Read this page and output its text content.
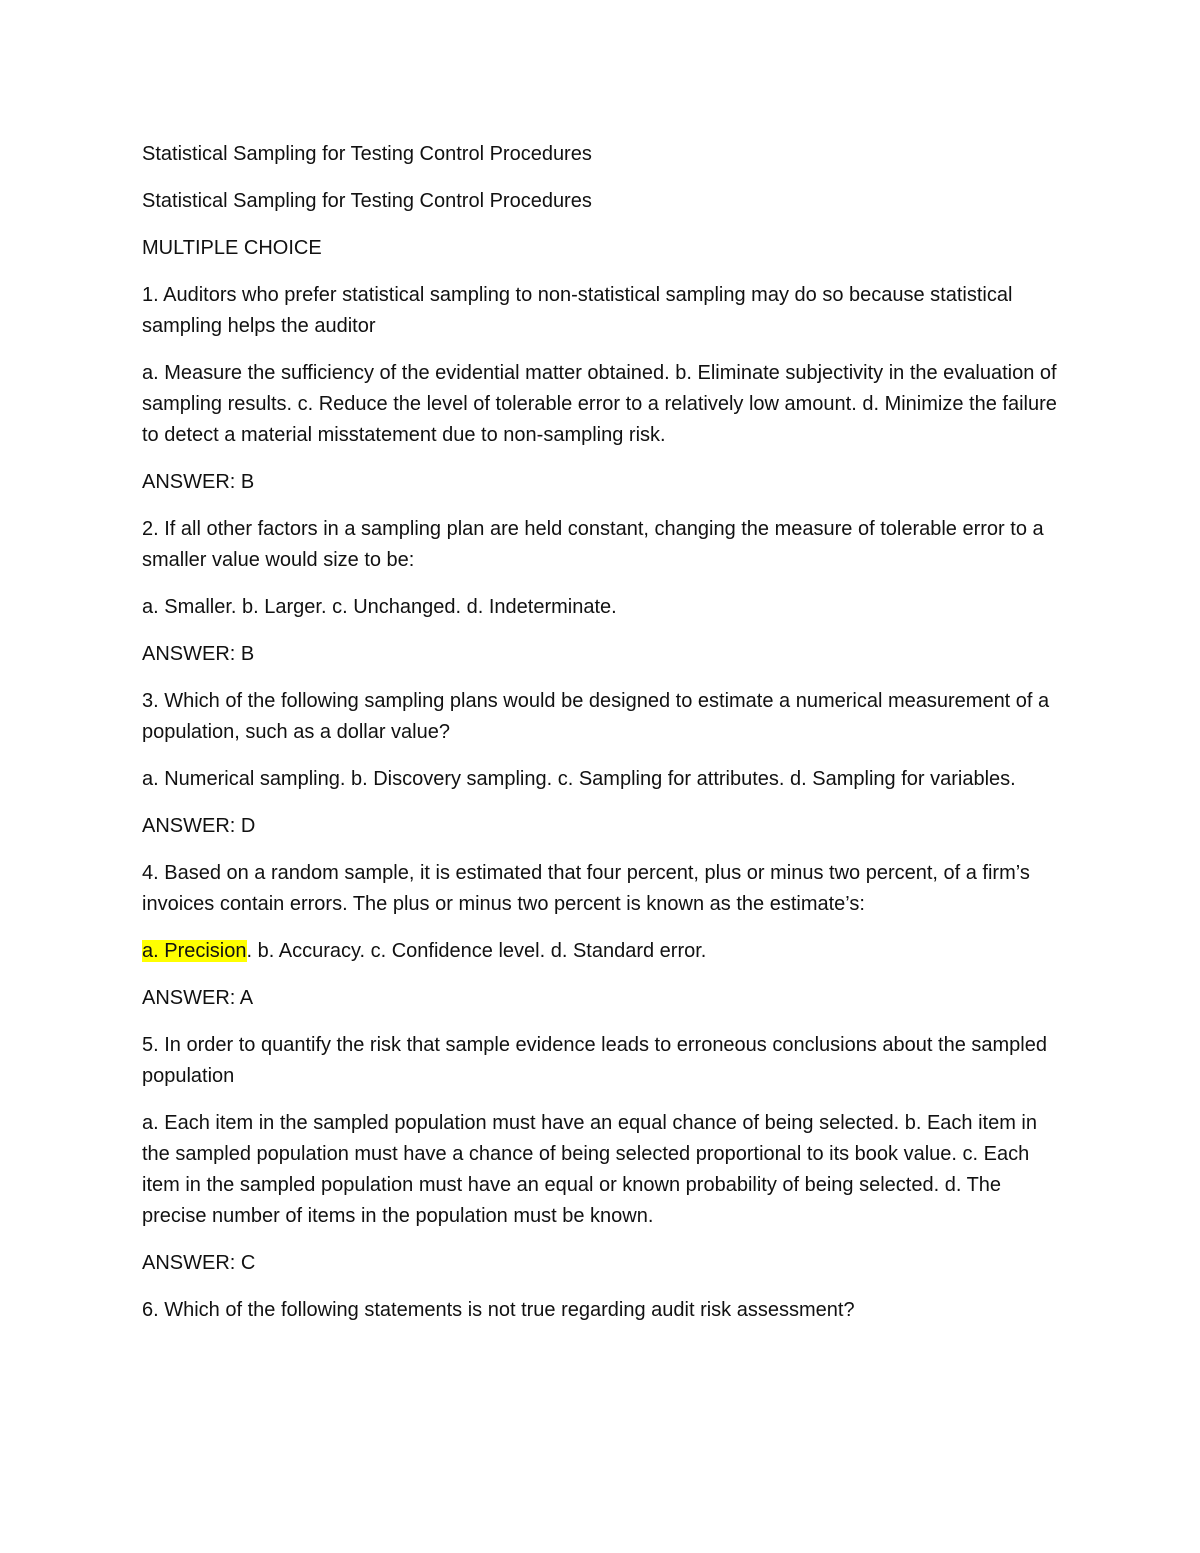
Statistical Sampling for Testing Control Procedures

Statistical Sampling for Testing Control Procedures

MULTIPLE CHOICE

1. Auditors who prefer statistical sampling to non-statistical sampling may do so because statistical sampling helps the auditor

a. Measure the sufficiency of the evidential matter obtained. b. Eliminate subjectivity in the evaluation of sampling results. c. Reduce the level of tolerable error to a relatively low amount. d. Minimize the failure to detect a material misstatement due to non-sampling risk.

ANSWER: B

2. If all other factors in a sampling plan are held constant, changing the measure of tolerable error to a smaller value would size to be:

a. Smaller. b. Larger. c. Unchanged. d. Indeterminate.

ANSWER: B

3. Which of the following sampling plans would be designed to estimate a numerical measurement of a population, such as a dollar value?

a. Numerical sampling. b. Discovery sampling. c. Sampling for attributes. d. Sampling for variables.

ANSWER: D

4. Based on a random sample, it is estimated that four percent, plus or minus two percent, of a firm’s invoices contain errors. The plus or minus two percent is known as the estimate’s:

a. Precision. b. Accuracy. c. Confidence level. d. Standard error.

ANSWER: A

5. In order to quantify the risk that sample evidence leads to erroneous conclusions about the sampled population

a. Each item in the sampled population must have an equal chance of being selected. b. Each item in the sampled population must have a chance of being selected proportional to its book value. c. Each item in the sampled population must have an equal or known probability of being selected. d. The precise number of items in the population must be known.

ANSWER: C

6. Which of the following statements is not true regarding audit risk assessment?
